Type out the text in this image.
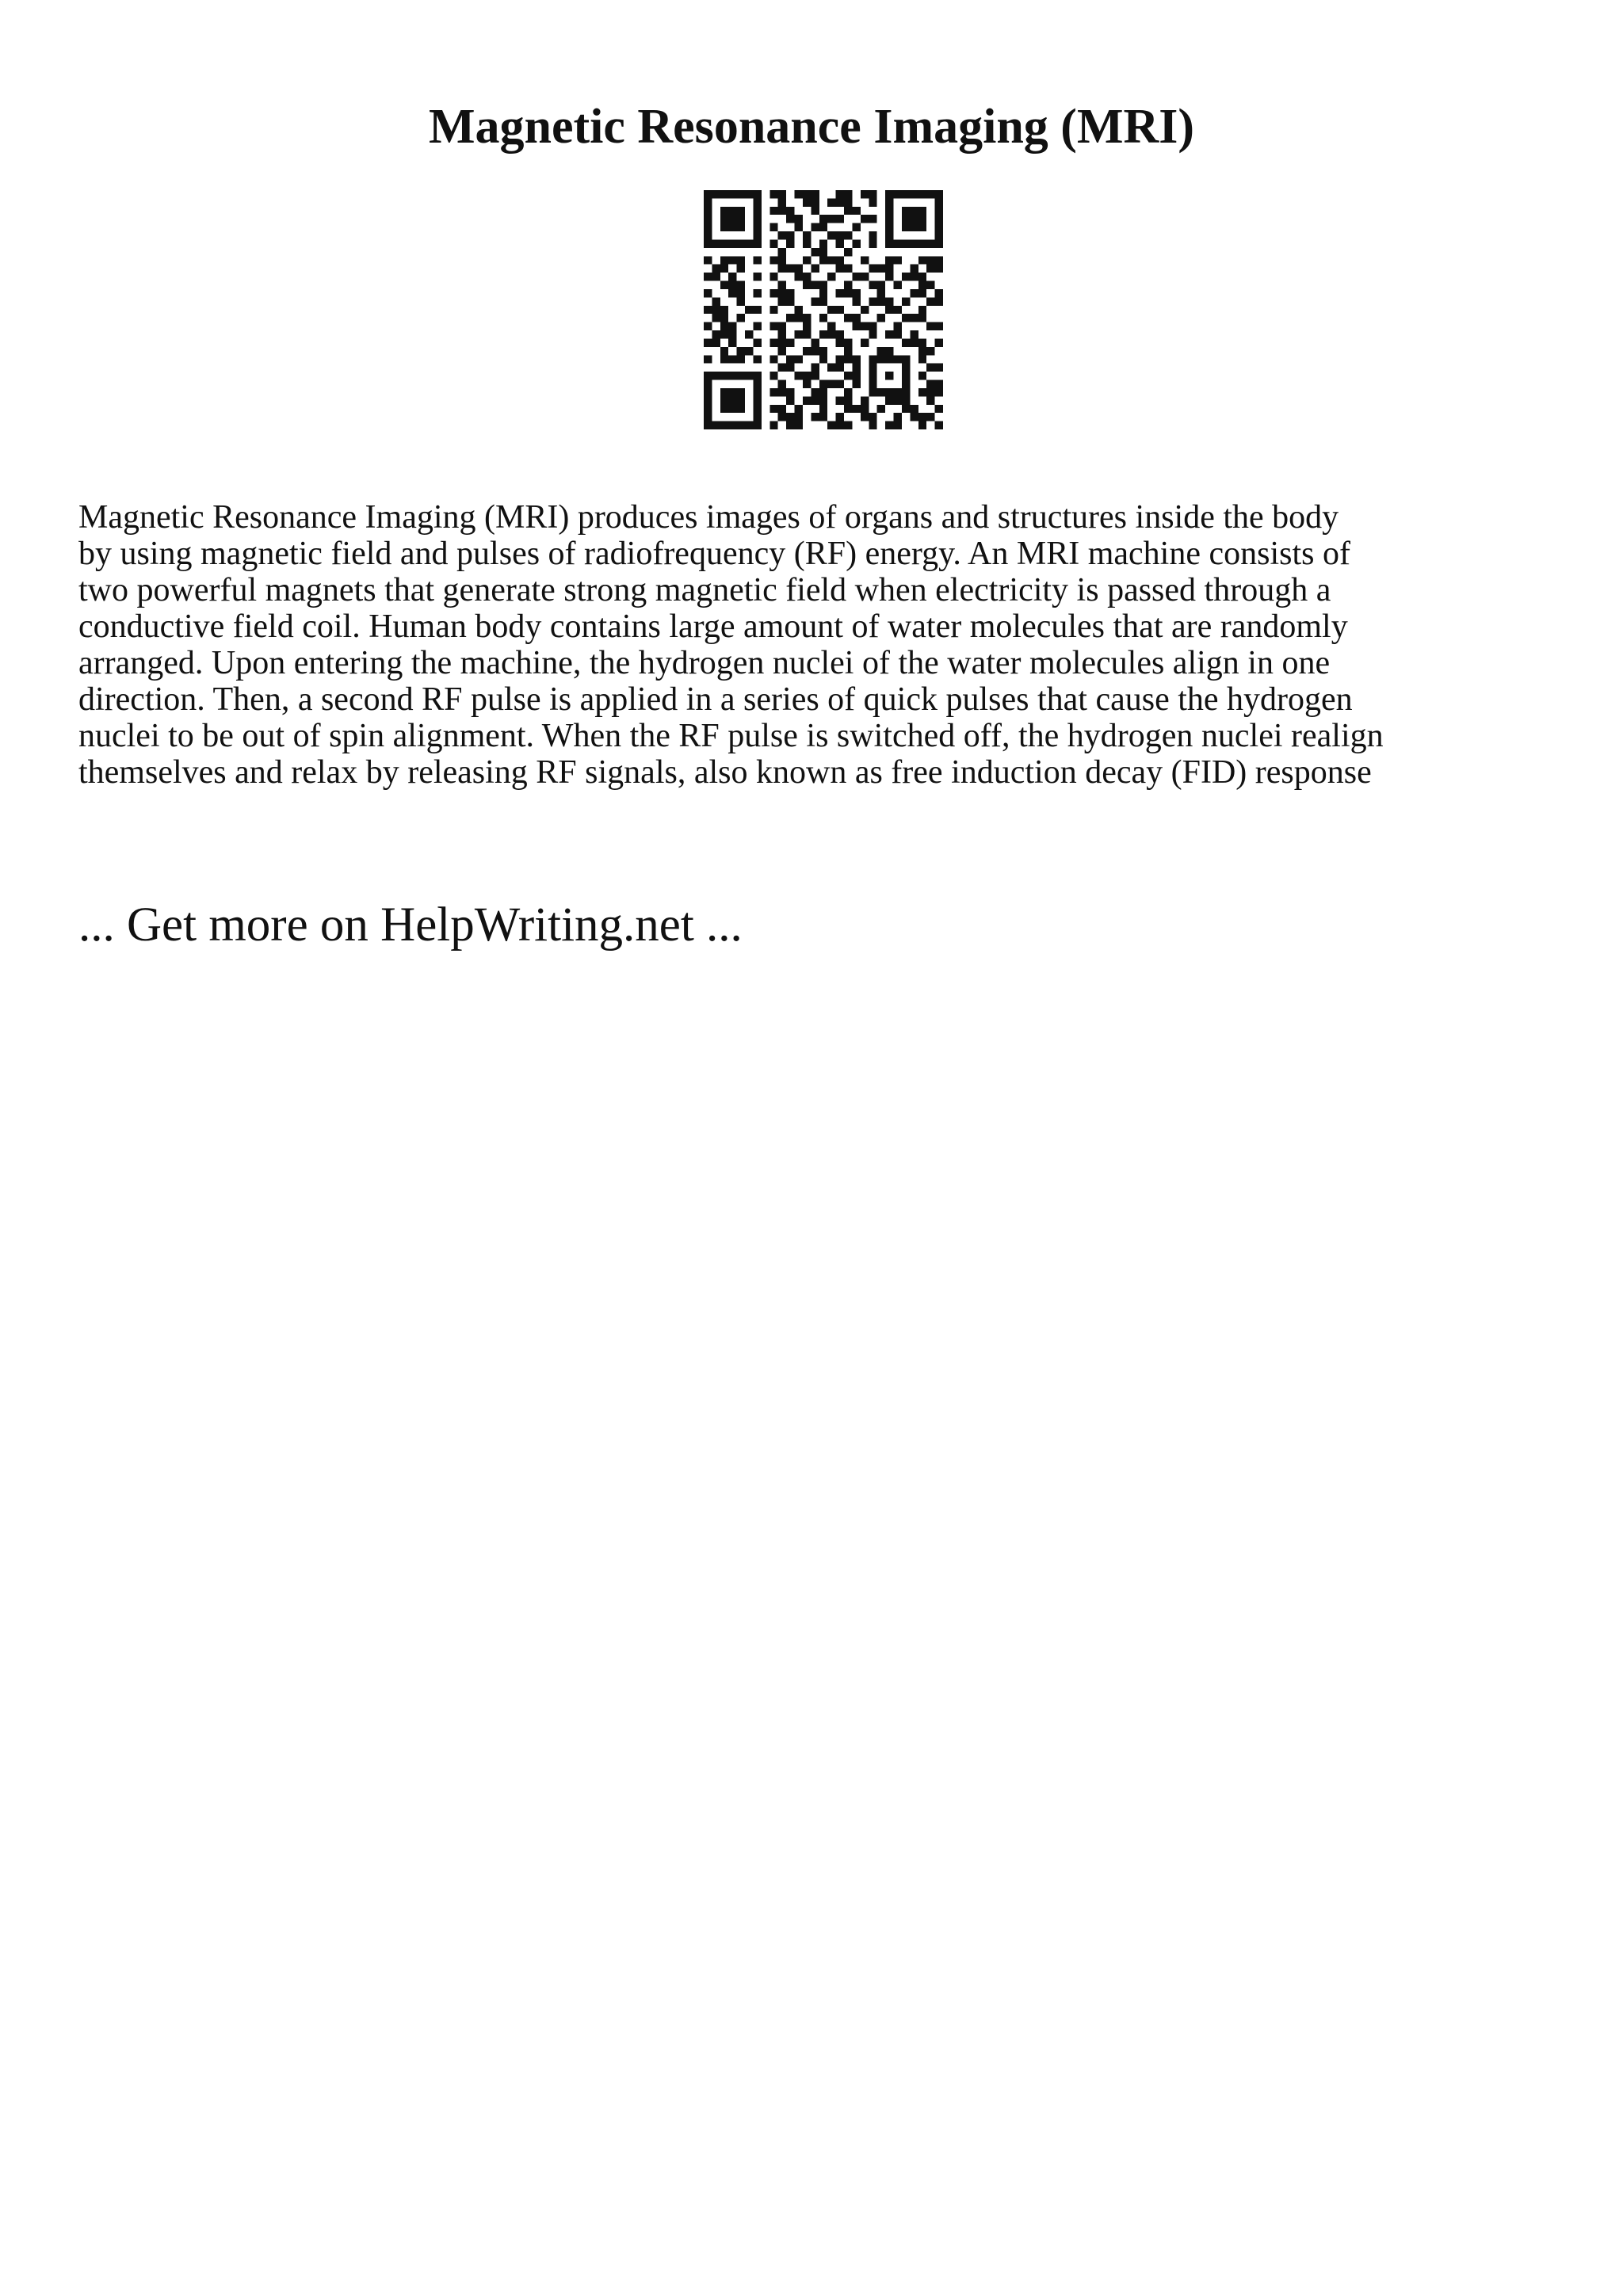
Magnetic Resonance Imaging (MRI)

Magnetic Resonance Imaging (MRI) produces images of organs and structures inside the body
by using magnetic field and pulses of radiofrequency (RF) energy. An MRI machine consists of
two powerful magnets that generate strong magnetic field when electricity is passed through a
conductive field coil. Human body contains large amount of water molecules that are randomly
arranged. Upon entering the machine, the hydrogen nuclei of the water molecules align in one
direction. Then, a second RF pulse is applied in a series of quick pulses that cause the hydrogen
nuclei to be out of spin alignment. When the RF pulse is switched off, the hydrogen nuclei realign
themselves and relax by releasing RF signals, also known as free induction decay (FID) response

... Get more on HelpWriting.net ...
